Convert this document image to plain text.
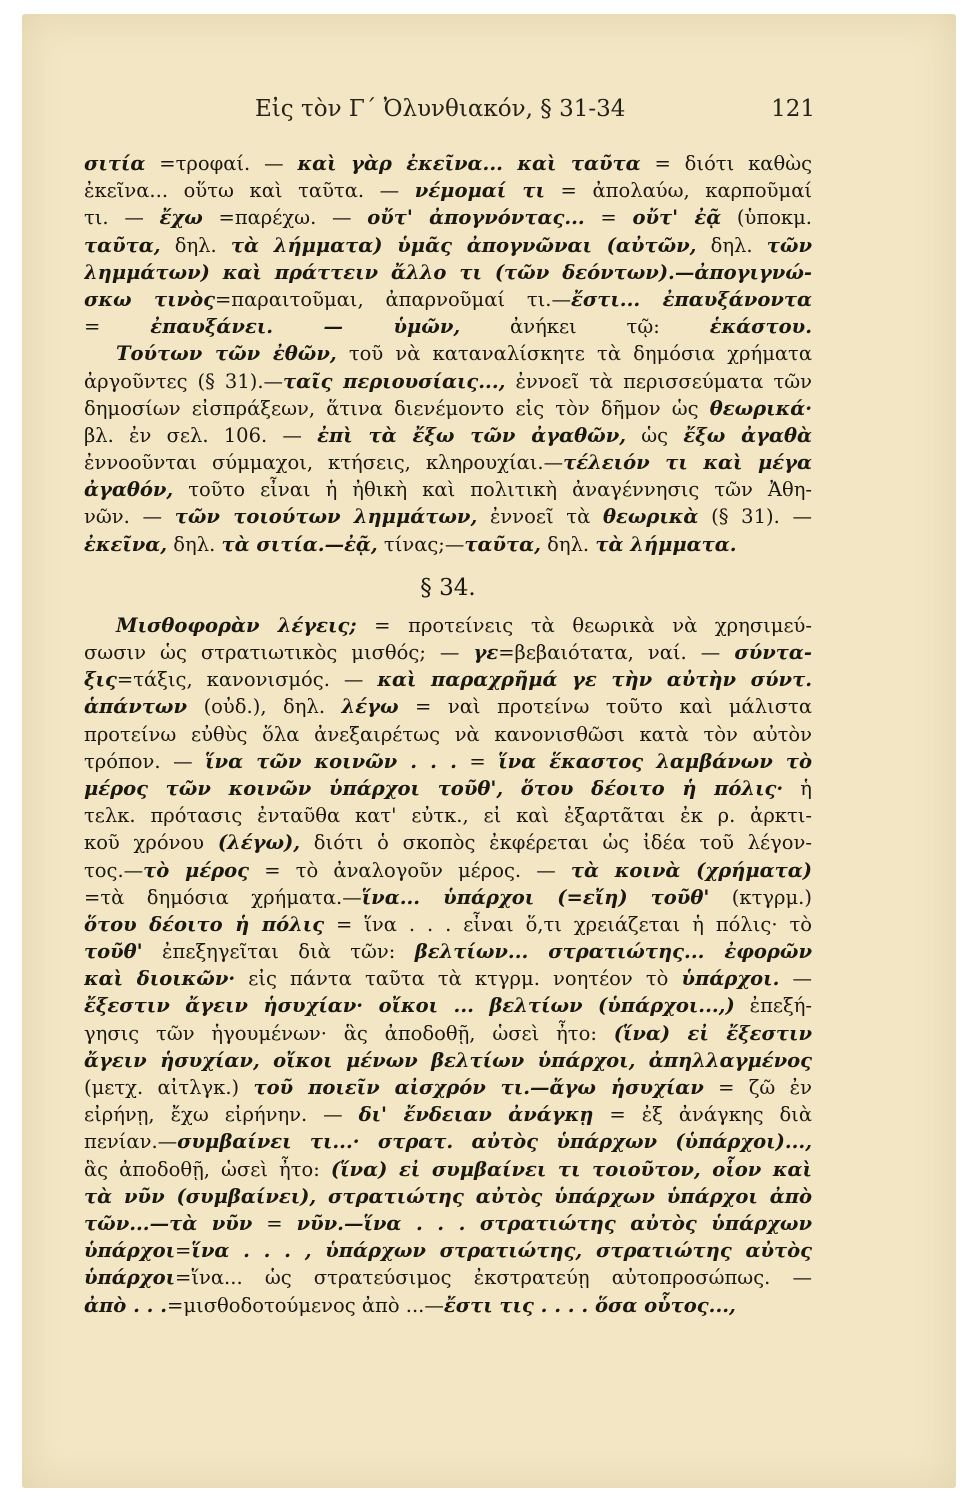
Εἰς τὸν Γ΄ Ὀλυνθιακόν, § 31-34	121
σιτία =τροφαί. — καὶ γὰρ ἐκεῖνα... καὶ ταῦτα = διότι καθὼς
ἐκεῖνα... οὕτω καὶ ταῦτα. — νέμομαί τι = ἀπολαύω, καρποῦμαί
τι. — ἔχω =παρέχω. — οὔτ' ἀπογνόντας... = οὔτ' ἐᾷ (ὑποκμ.
ταῦτα, δηλ. τὰ λήμματα) ὑμᾶς ἀπογνῶναι (αὐτῶν, δηλ. τῶν
λημμάτων) καὶ πράττειν ἄλλο τι (τῶν δεόντων).—ἀπογιγνώ-
σκω τινὸς=παραιτοῦμαι, ἀπαρνοῦμαί τι.—ἔστι... ἐπαυξάνοντα
= ἐπαυξάνει. — ὑμῶν, ἀνήκει τῷ: ἑκάστου.
Τούτων τῶν ἐθῶν, τοῦ νὰ καταναλίσκητε τὰ δημόσια χρήματα
ἀργοῦντες (§ 31).—ταῖς περιουσίαις..., ἐννοεῖ τὰ περισσεύματα τῶν
δημοσίων εἰσπράξεων, ἅτινα διενέμοντο εἰς τὸν δῆμον ὡς θεωρικά·
βλ. ἐν σελ. 106. — ἐπὶ τὰ ἔξω τῶν ἀγαθῶν, ὡς ἔξω ἀγαθὰ
ἐννοοῦνται σύμμαχοι, κτήσεις, κληρουχίαι.—τέλειόν τι καὶ μέγα
ἀγαθόν, τοῦτο εἶναι ἡ ἠθικὴ καὶ πολιτικὴ ἀναγέννησις τῶν Ἀθη-
νῶν. — τῶν τοιούτων λημμάτων, ἐννοεῖ τὰ θεωρικὰ (§ 31). —
ἐκεῖνα, δηλ. τὰ σιτία.—ἐᾷ, τίνας;—ταῦτα, δηλ. τὰ λήμματα.
§ 34.
Μισθοφορὰν λέγεις; = προτείνεις τὰ θεωρικὰ νὰ χρησιμεύ-
σωσιν ὡς στρατιωτικὸς μισθός; — γε=βεβαιότατα, ναί. — σύντα-
ξις=τάξις, κανονισμός. — καὶ παραχρῆμά γε τὴν αὐτὴν σύντ.
ἁπάντων (οὐδ.), δηλ. λέγω = ναὶ προτείνω τοῦτο καὶ μάλιστα
προτείνω εὐθὺς ὅλα ἀνεξαιρέτως νὰ κανονισθῶσι κατὰ τὸν αὐτὸν
τρόπον. — ἵνα τῶν κοινῶν . . . = ἵνα ἕκαστος λαμβάνων τὸ
μέρος τῶν κοινῶν ὑπάρχοι τοῦθ', ὅτου δέοιτο ἡ πόλις· ἡ
τελκ. πρότασις ἐνταῦθα κατ' εὐτκ., εἰ καὶ ἐξαρτᾶται ἐκ ρ. ἀρκτι-
κοῦ χρόνου (λέγω), διότι ὁ σκοπὸς ἐκφέρεται ὡς ἰδέα τοῦ λέγον-
τος.—τὸ μέρος = τὸ ἀναλογοῦν μέρος. — τὰ κοινὰ (χρήματα)
=τὰ δημόσια χρήματα.—ἵνα... ὑπάρχοι (=εἴη) τοῦθ' (κτγρμ.)
ὅτου δέοιτο ἡ πόλις = ἵνα . . . εἶναι ὅ,τι χρειάζεται ἡ πόλις· τὸ
τοῦθ' ἐπεξηγεῖται διὰ τῶν: βελτίων... στρατιώτης... ἐφορῶν
καὶ διοικῶν· εἰς πάντα ταῦτα τὰ κτγρμ. νοητέον τὸ ὑπάρχοι. —
ἔξεστιν ἄγειν ἡσυχίαν· οἴκοι ... βελτίων (ὑπάρχοι...,) ἐπεξή-
γησις τῶν ἡγουμένων· ἃς ἀποδοθῇ, ὡσεὶ ἦτο: (ἵνα) εἰ ἔξεστιν
ἄγειν ἡσυχίαν, οἴκοι μένων βελτίων ὑπάρχοι, ἀπηλλαγμένος
(μετχ. αἰτλγκ.) τοῦ ποιεῖν αἰσχρόν τι.—ἄγω ἡσυχίαν = ζῶ ἐν
εἰρήνῃ, ἔχω εἰρήνην. — δι' ἔνδειαν ἀνάγκῃ = ἐξ ἀνάγκης διὰ
πενίαν.—συμβαίνει τι...· στρατ. αὐτὸς ὑπάρχων (ὑπάρχοι)...,
ἃς ἀποδοθῇ, ὡσεὶ ἦτο: (ἵνα) εἰ συμβαίνει τι τοιοῦτον, οἷον καὶ
τὰ νῦν (συμβαίνει), στρατιώτης αὐτὸς ὑπάρχων ὑπάρχοι ἀπὸ
τῶν...—τὰ νῦν = νῦν.—ἵνα . . . στρατιώτης αὐτὸς ὑπάρχων
ὑπάρχοι=ἵνα . . . , ὑπάρχων στρατιώτης, στρατιώτης αὐτὸς
ὑπάρχοι=ἵνα... ὡς στρατεύσιμος ἐκστρατεύῃ αὐτοπροσώπως. —
ἀπὸ . . .=μισθοδοτούμενος ἀπὸ ...—ἔστι τις . . . . ὅσα οὗτος...,
